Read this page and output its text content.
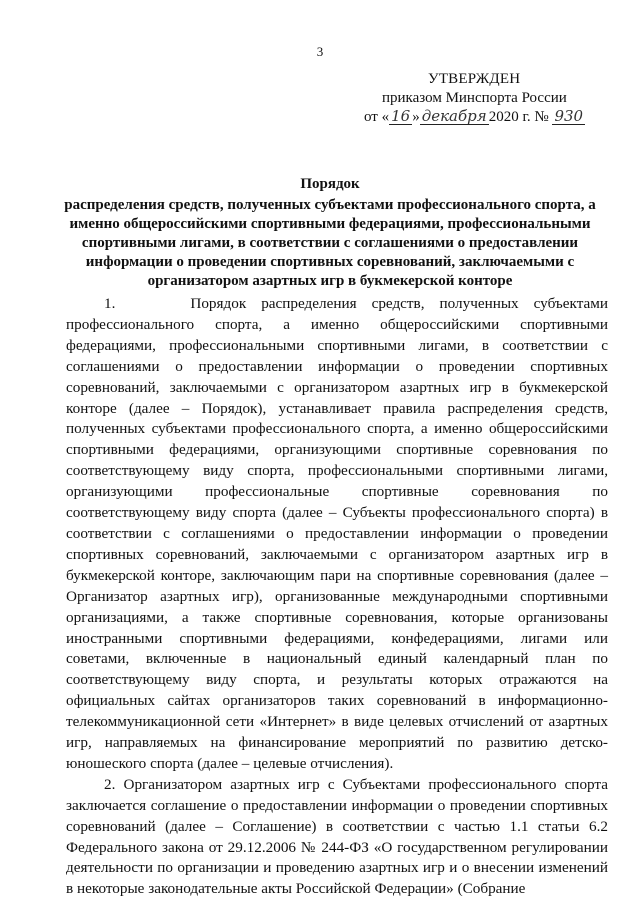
3
УТВЕРЖДЕН
приказом Минспорта России
от « 16 » декабря 2020 г. № 930
Порядок
распределения средств, полученных субъектами профессионального спорта, а именно общероссийскими спортивными федерациями, профессиональными спортивными лигами, в соответствии с соглашениями о предоставлении информации о проведении спортивных соревнований, заключаемыми с организатором азартных игр в букмекерской конторе

1.     Порядок распределения средств, полученных субъектами профессионального спорта, а именно общероссийскими спортивными федерациями, профессиональными спортивными лигами, в соответствии с соглашениями о предоставлении информации о проведении спортивных соревнований, заключаемыми с организатором азартных игр в букмекерской конторе (далее – Порядок), устанавливает правила распределения средств, полученных субъектами профессионального спорта, а именно общероссийскими спортивными федерациями, организующими спортивные соревнования по соответствующему виду спорта, профессиональными спортивными лигами, организующими профессиональные спортивные соревнования по соответствующему виду спорта (далее – Субъекты профессионального спорта) в соответствии с соглашениями о предоставлении информации о проведении спортивных соревнований, заключаемыми с организатором азартных игр в букмекерской конторе, заключающим пари на спортивные соревнования (далее – Организатор азартных игр), организованные международными спортивными организациями, а также спортивные соревнования, которые организованы иностранными спортивными федерациями, конфедерациями, лигами или советами, включенные в национальный единый календарный план по соответствующему виду спорта, и результаты которых отражаются на официальных сайтах организаторов таких соревнований в информационно-телекоммуникационной сети «Интернет» в виде целевых отчислений от азартных игр, направляемых на финансирование мероприятий по развитию детско-юношеского спорта (далее – целевые отчисления).

2. Организатором азартных игр с Субъектами профессионального спорта заключается соглашение о предоставлении информации о проведении спортивных соревнований (далее – Соглашение) в соответствии с частью 1.1 статьи 6.2 Федерального закона от 29.12.2006 № 244-ФЗ «О государственном регулировании деятельности по организации и проведению азартных игр и о внесении изменений в некоторые законодательные акты Российской Федерации» (Собрание
